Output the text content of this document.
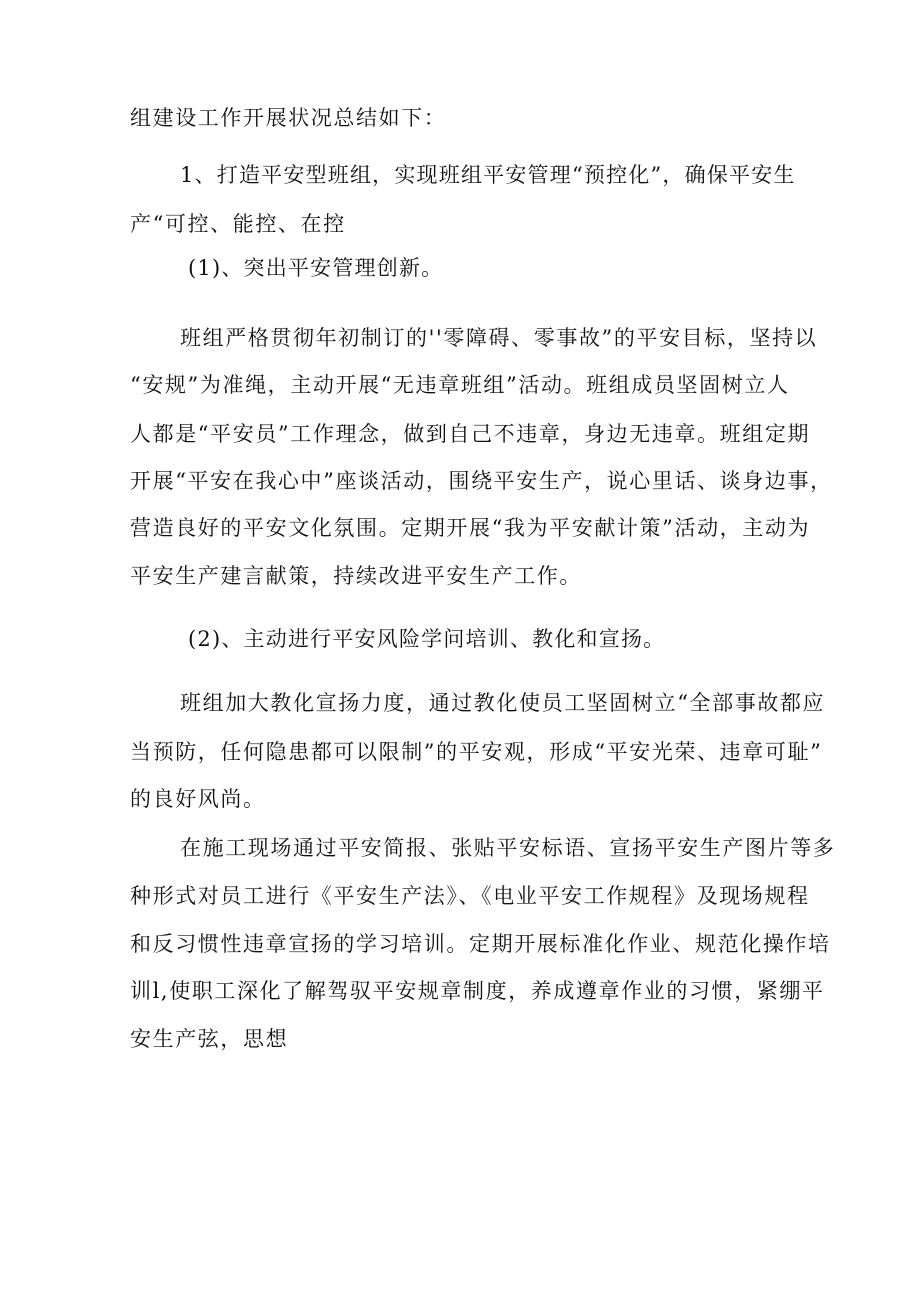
组建设工作开展状况总结如下：

1、打造平安型班组，实现班组平安管理“预控化”，确保平安生

产“可控、能控、在控

(1)、突出平安管理创新。

班组严格贯彻年初制订的''零障碍、零事故”的平安目标，坚持以

“安规”为准绳，主动开展“无违章班组”活动。班组成员坚固树立人

人都是“平安员”工作理念，做到自己不违章，身边无违章。班组定期

开展“平安在我心中”座谈活动，围绕平安生产，说心里话、谈身边事，

营造良好的平安文化氛围。定期开展“我为平安献计策”活动，主动为

平安生产建言献策，持续改进平安生产工作。

(2)、主动进行平安风险学问培训、教化和宣扬。

班组加大教化宣扬力度，通过教化使员工坚固树立“全部事故都应

当预防，任何隐患都可以限制”的平安观，形成“平安光荣、违章可耻”

的良好风尚。

在施工现场通过平安简报、张贴平安标语、宣扬平安生产图片等多

种形式对员工进行《平安生产法》、《电业平安工作规程》及现场规程

和反习惯性违章宣扬的学习培训。定期开展标准化作业、规范化操作培

训l,使职工深化了解驾驭平安规章制度，养成遵章作业的习惯，紧绷平

安生产弦，思想
